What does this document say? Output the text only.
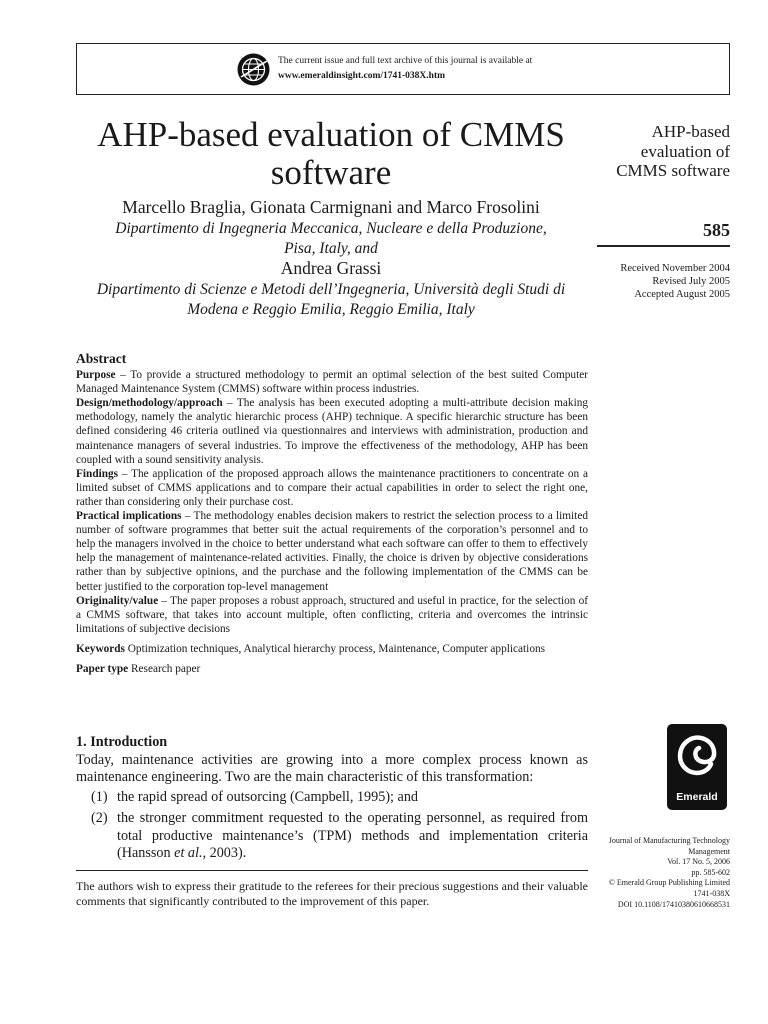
The current issue and full text archive of this journal is available at
www.emeraldinsight.com/1741-038X.htm
AHP-based evaluation of CMMS
software
Marcello Braglia, Gionata Carmignani and Marco Frosolini
Dipartimento di Ingegneria Meccanica, Nucleare e della Produzione,
Pisa, Italy, and
Andrea Grassi
Dipartimento di Scienze e Metodi dell’Ingegneria, Università degli Studi di
Modena e Reggio Emilia, Reggio Emilia, Italy
AHP-based
evaluation of
CMMS software
585
Received November 2004
Revised July 2005
Accepted August 2005
Abstract

Purpose – To provide a structured methodology to permit an optimal selection of the best suited Computer Managed Maintenance System (CMMS) software within process industries.

Design/methodology/approach – The analysis has been executed adopting a multi-attribute decision making methodology, namely the analytic hierarchic process (AHP) technique. A specific hierarchic structure has been defined considering 46 criteria outlined via questionnaires and interviews with administration, production and maintenance managers of several industries. To improve the effectiveness of the methodology, AHP has been coupled with a sound sensitivity analysis.

Findings – The application of the proposed approach allows the maintenance practitioners to concentrate on a limited subset of CMMS applications and to compare their actual capabilities in order to select the right one, rather than considering only their purchase cost.

Practical implications – The methodology enables decision makers to restrict the selection process to a limited number of software programmes that better suit the actual requirements of the corporation’s personnel and to help the managers involved in the choice to better understand what each software can offer to them to effectively help the management of maintenance-related activities. Finally, the choice is driven by objective considerations rather than by subjective opinions, and the purchase and the following implementation of the CMMS can be better justified to the corporation top-level management

Originality/value – The paper proposes a robust approach, structured and useful in practice, for the selection of a CMMS software, that takes into account multiple, often conflicting, criteria and overcomes the intrinsic limitations of subjective decisions

Keywords Optimization techniques, Analytical hierarchy process, Maintenance, Computer applications

Paper type Research paper

1. Introduction
Today, maintenance activities are growing into a more complex process known as maintenance engineering. Two are the main characteristic of this transformation:
(1) the rapid spread of outsorcing (Campbell, 1995); and
(2) the stronger commitment requested to the operating personnel, as required from total productive maintenance’s (TPM) methods and implementation criteria (Hansson et al., 2003).
The authors wish to express their gratitude to the referees for their precious suggestions and their valuable comments that significantly contributed to the improvement of this paper.
Emerald
Journal of Manufacturing Technology
Management
Vol. 17 No. 5, 2006
pp. 585-602
© Emerald Group Publishing Limited
1741-038X
DOI 10.1108/17410380610668531
